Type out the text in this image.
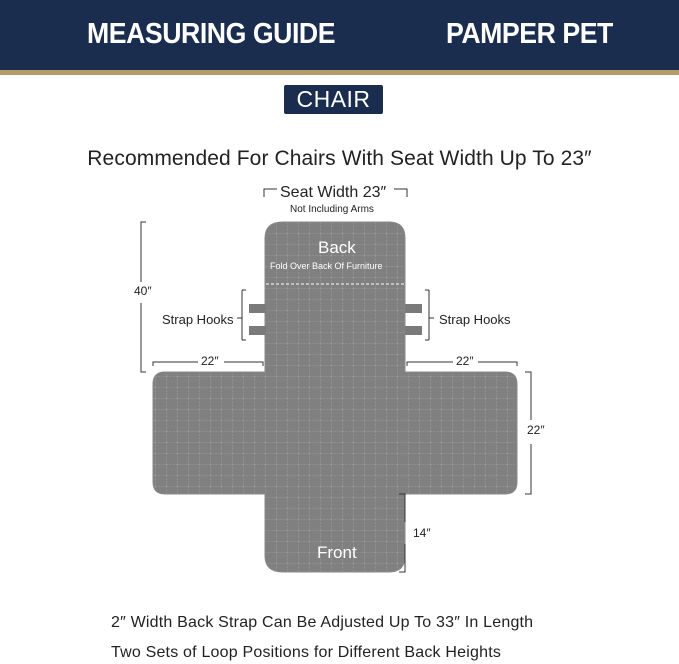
MEASURING GUIDE	PAMPER PET
CHAIR
Recommended For Chairs With Seat Width Up To 23″
Seat Width 23″
Not Including Arms
Back
Fold Over Back Of Furniture
Front
Strap Hooks	Strap Hooks
40″
22″	22″
22″
14″
2″ Width Back Strap Can Be Adjusted Up To 33″ In Length
Two Sets of Loop Positions for Different Back Heights
